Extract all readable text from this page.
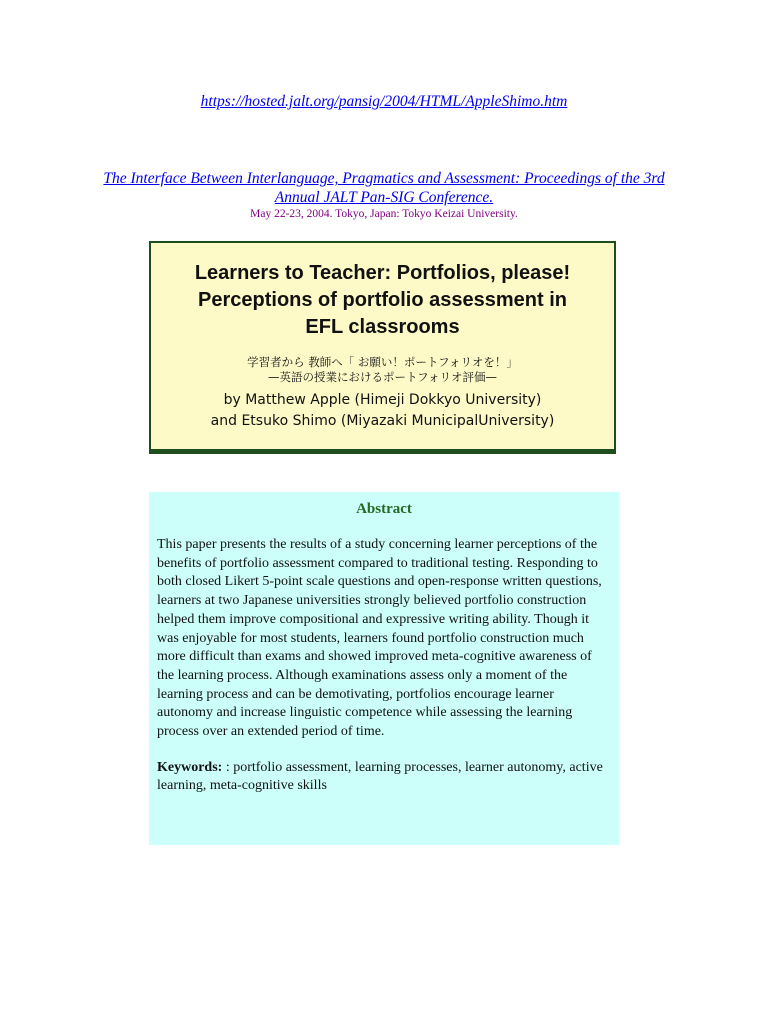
https://hosted.jalt.org/pansig/2004/HTML/AppleShimo.htm
The Interface Between Interlanguage, Pragmatics and Assessment: Proceedings of the 3rd Annual JALT Pan-SIG Conference.
May 22-23, 2004. Tokyo, Japan: Tokyo Keizai University.
Learners to Teacher: Portfolios, please!
Perceptions of portfolio assessment in
EFL classrooms
学習者から 教師へ「 お願い！ポートフォリオを！」
—英語の授業におけるポートフォリオ評価—
by Matthew Apple (Himeji Dokkyo University)
and Etsuko Shimo (Miyazaki MunicipalUniversity)
Abstract
This paper presents the results of a study concerning learner perceptions of the benefits of portfolio assessment compared to traditional testing. Responding to both closed Likert 5-point scale questions and open-response written questions, learners at two Japanese universities strongly believed portfolio construction helped them improve compositional and expressive writing ability. Though it was enjoyable for most students, learners found portfolio construction much more difficult than exams and showed improved meta-cognitive awareness of the learning process. Although examinations assess only a moment of the learning process and can be demotivating, portfolios encourage learner autonomy and increase linguistic competence while assessing the learning process over an extended period of time.
Keywords: : portfolio assessment, learning processes, learner autonomy, active learning, meta-cognitive skills
